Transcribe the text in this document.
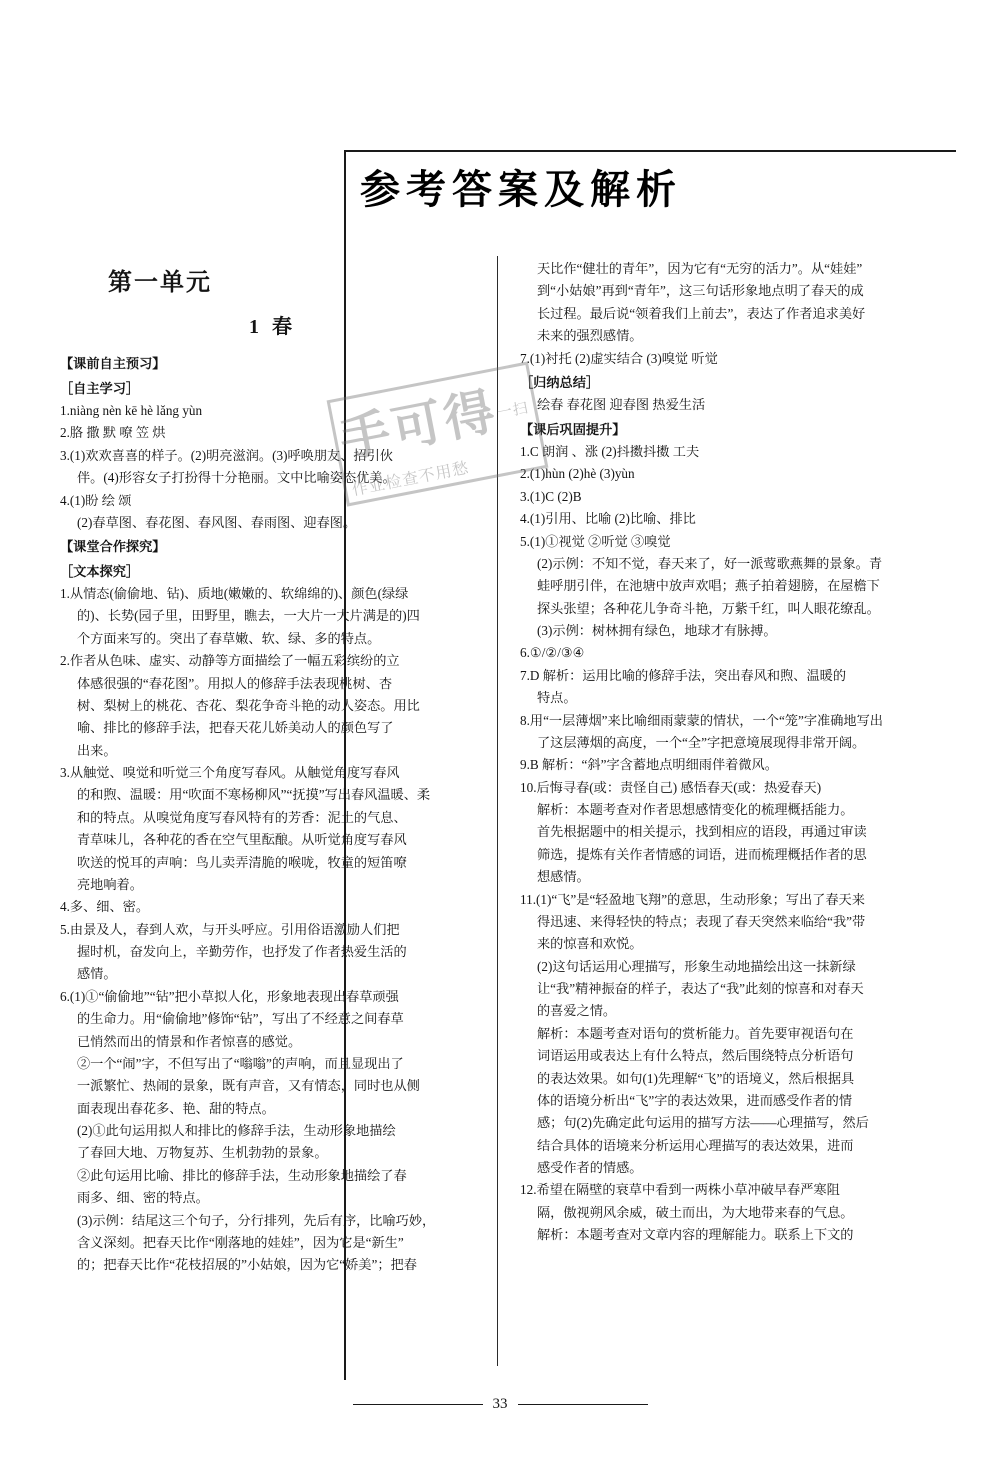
参考答案及解析
第一单元
1 春
【课前自主预习】
［自主学习］

1.niàng nèn kē hè lǎng yùn

2.胳 撒 默 嘹 笠 烘

3.(1)欢欢喜喜的样子。(2)明亮滋润。(3)呼唤朋友、招引伙

伴。(4)形容女子打扮得十分艳丽。文中比喻姿态优美。

4.(1)盼 绘 颂

(2)春草图、春花图、春风图、春雨图、迎春图。

【课堂合作探究】
［文本探究］

1.从情态(偷偷地、钻)、质地(嫩嫩的、软绵绵的)、颜色(绿绿

的)、长势(园子里，田野里，瞧去，一大片一大片满是的)四

个方面来写的。突出了春草嫩、软、绿、多的特点。

2.作者从色味、虚实、动静等方面描绘了一幅五彩缤纷的立

体感很强的“春花图”。用拟人的修辞手法表现桃树、杏

树、梨树上的桃花、杏花、梨花争奇斗艳的动人姿态。用比

喻、排比的修辞手法，把春天花儿娇美动人的颜色写了

出来。

3.从触觉、嗅觉和听觉三个角度写春风。从触觉角度写春风

的和煦、温暖：用“吹面不寒杨柳风”“抚摸”写出春风温暖、柔

和的特点。从嗅觉角度写春风特有的芳香：泥土的气息、

青草味儿，各种花的香在空气里酝酿。从听觉角度写春风

吹送的悦耳的声响：鸟儿卖弄清脆的喉咙，牧童的短笛嘹

亮地响着。

4.多、细、密。

5.由景及人，春到人欢，与开头呼应。引用俗语激励人们把

握时机，奋发向上，辛勤劳作，也抒发了作者热爱生活的

感情。

6.(1)①“偷偷地”“钻”把小草拟人化，形象地表现出春草顽强

的生命力。用“偷偷地”修饰“钻”，写出了不经意之间春草

已悄然而出的情景和作者惊喜的感觉。

②一个“闹”字，不但写出了“嗡嗡”的声响，而且显现出了

一派繁忙、热闹的景象，既有声音，又有情态，同时也从侧

面表现出春花多、艳、甜的特点。

(2)①此句运用拟人和排比的修辞手法，生动形象地描绘

了春回大地、万物复苏、生机勃勃的景象。

②此句运用比喻、排比的修辞手法，生动形象地描绘了春

雨多、细、密的特点。

(3)示例：结尾这三个句子，分行排列，先后有序，比喻巧妙，

含义深刻。把春天比作“刚落地的娃娃”，因为它是“新生”

的；把春天比作“花枝招展的”小姑娘，因为它“娇美”；把春

天比作“健壮的青年”，因为它有“无穷的活力”。从“娃娃”

到“小姑娘”再到“青年”，这三句话形象地点明了春天的成

长过程。最后说“领着我们上前去”，表达了作者追求美好

未来的强烈感情。

7.(1)衬托 (2)虚实结合 (3)嗅觉 听觉

［归纳总结］

绘春 春花图 迎春图 热爱生活

【课后巩固提升】

1.C 朗润 、涨 (2)抖擞抖擞 工夫

2.(1)hùn (2)hè (3)yùn

3.(1)C (2)B

4.(1)引用、比喻 (2)比喻、排比

5.(1)①视觉 ②听觉 ③嗅觉

(2)示例：不知不觉，春天来了，好一派莺歌燕舞的景象。青

蛙呼朋引伴，在池塘中放声欢唱；燕子拍着翅膀，在屋檐下

探头张望；各种花儿争奇斗艳，万紫千红，叫人眼花缭乱。

(3)示例：树林拥有绿色，地球才有脉搏。

6.①/②/③④

7.D 解析：运用比喻的修辞手法，突出春风和煦、温暖的

特点。

8.用“一层薄烟”来比喻细雨蒙蒙的情状，一个“笼”字准确地写出

了这层薄烟的高度，一个“全”字把意境展现得非常开阔。

9.B 解析：“斜”字含蓄地点明细雨伴着微风。

10.后悔寻春(或：责怪自己) 感悟春天(或：热爱春天)

解析：本题考查对作者思想感情变化的梳理概括能力。

首先根据题中的相关提示，找到相应的语段，再通过审读

筛选，提炼有关作者情感的词语，进而梳理概括作者的思

想感情。

11.(1)“飞”是“轻盈地飞翔”的意思，生动形象；写出了春天来

得迅速、来得轻快的特点；表现了春天突然来临给“我”带

来的惊喜和欢悦。

(2)这句话运用心理描写，形象生动地描绘出这一抹新绿

让“我”精神振奋的样子，表达了“我”此刻的惊喜和对春天

的喜爱之情。

解析：本题考查对语句的赏析能力。首先要审视语句在

词语运用或表达上有什么特点，然后围绕特点分析语句

的表达效果。如句(1)先理解“飞”的语境义，然后根据具

体的语境分析出“飞”字的表达效果，进而感受作者的情

感；句(2)先确定此句运用的描写方法——心理描写，然后

结合具体的语境来分析运用心理描写的表达效果，进而

感受作者的情感。

12.希望在隔壁的衰草中看到一两株小草冲破早春严寒阻

隔，傲视朔风余威，破土而出，为大地带来春的气息。

解析：本题考查对文章内容的理解能力。联系上下文的

手可得
作业检查不用愁
一扫
33
